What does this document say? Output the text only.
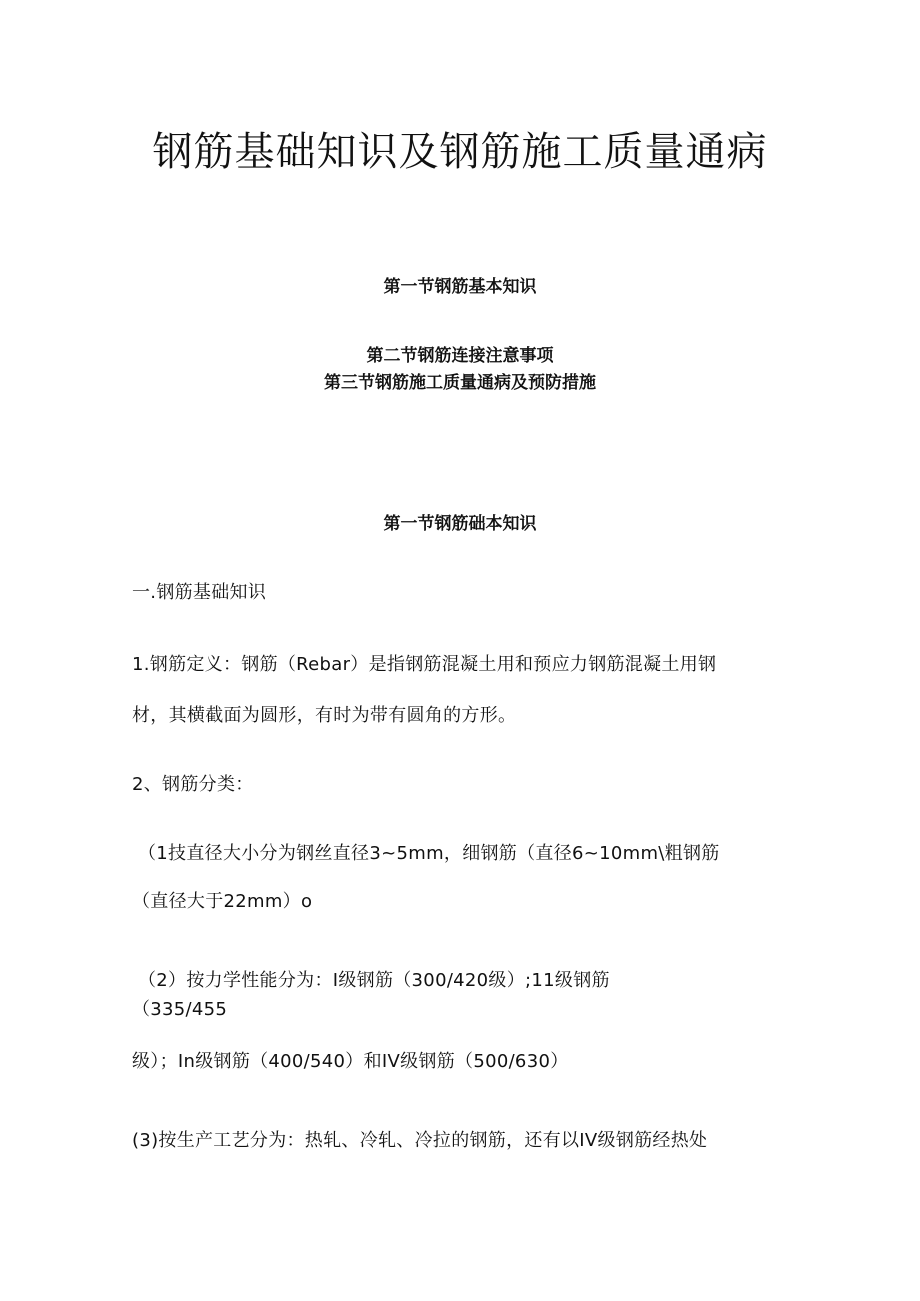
钢筋基础知识及钢筋施工质量通病
第一节钢筋基本知识
第二节钢筋连接注意事项
第三节钢筋施工质量通病及预防措施
第一节钢筋础本知识
一.钢筋基础知识
1.钢筋定义：钢筋（Rebar）是指钢筋混凝土用和预应力钢筋混凝土用钢
材，其横截面为圆形，有时为带有圆角的方形。
2、钢筋分类：
（1技直径大小分为钢丝直径3~5mm，细钢筋（直径6~10mm\粗钢筋
（直径大于22mm）o
（2）按力学性能分为：I级钢筋（300/420级）;11级钢筋
（335/455
级）；In级钢筋（400/540）和IV级钢筋（500/630）
(3)按生产工艺分为：热轧、冷轧、冷拉的钢筋，还有以IV级钢筋经热处
